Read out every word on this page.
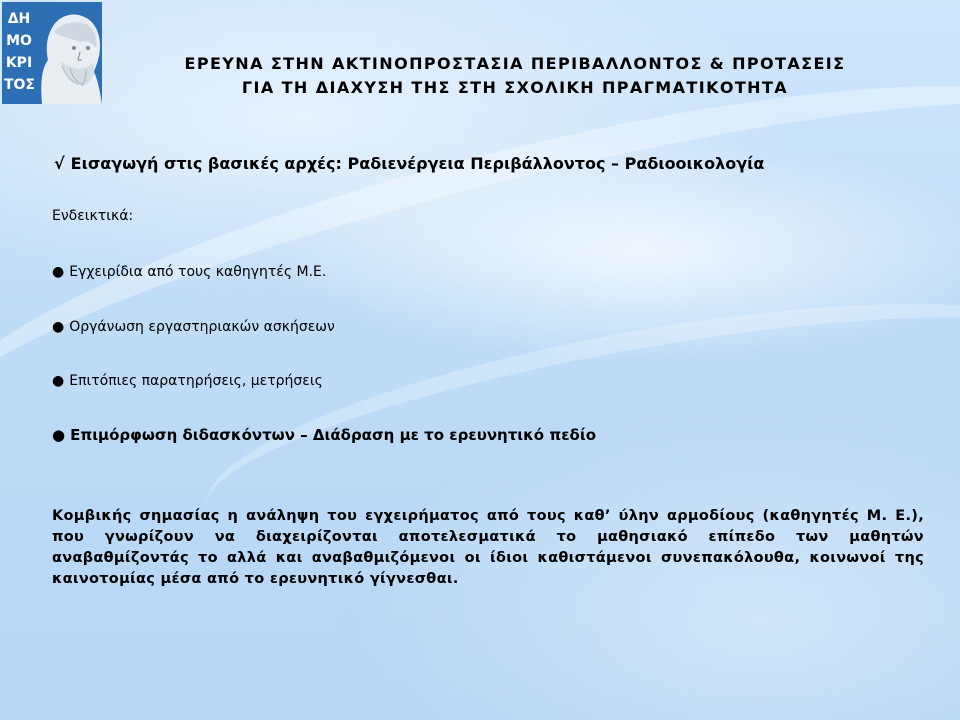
ΔΗ
ΜΟ
ΚΡΙ
ΤΟΣ
ΕΡΕΥΝΑ ΣΤΗΝ ΑΚΤΙΝΟΠΡΟΣΤΑΣΙΑ ΠΕΡΙΒΑΛΛΟΝΤΟΣ & ΠΡΟΤΑΣΕΙΣ
ΓΙΑ ΤΗ ΔΙΑΧΥΣΗ ΤΗΣ ΣΤΗ ΣΧΟΛΙΚΗ ΠΡΑΓΜΑΤΙΚΟΤΗΤΑ
√ Εισαγωγή στις βασικές αρχές: Ραδιενέργεια Περιβάλλοντος – Ραδιοοικολογία
Ενδεικτικά:
● Εγχειρίδια από τους καθηγητές Μ.Ε.
● Οργάνωση εργαστηριακών ασκήσεων
● Επιτόπιες παρατηρήσεις, μετρήσεις
● Επιμόρφωση διδασκόντων – Διάδραση με το ερευνητικό πεδίο
Κομβικής σημασίας η ανάληψη του εγχειρήματος από τους καθ’ ύλην αρμοδίους (καθηγητές Μ. Ε.), που γνωρίζουν να διαχειρίζονται αποτελεσματικά το μαθησιακό επίπεδο των μαθητών αναβαθμίζοντάς το αλλά και αναβαθμιζόμενοι οι ίδιοι καθιστάμενοι συνεπακόλουθα, κοινωνοί της καινοτομίας μέσα από το ερευνητικό γίγνεσθαι.
